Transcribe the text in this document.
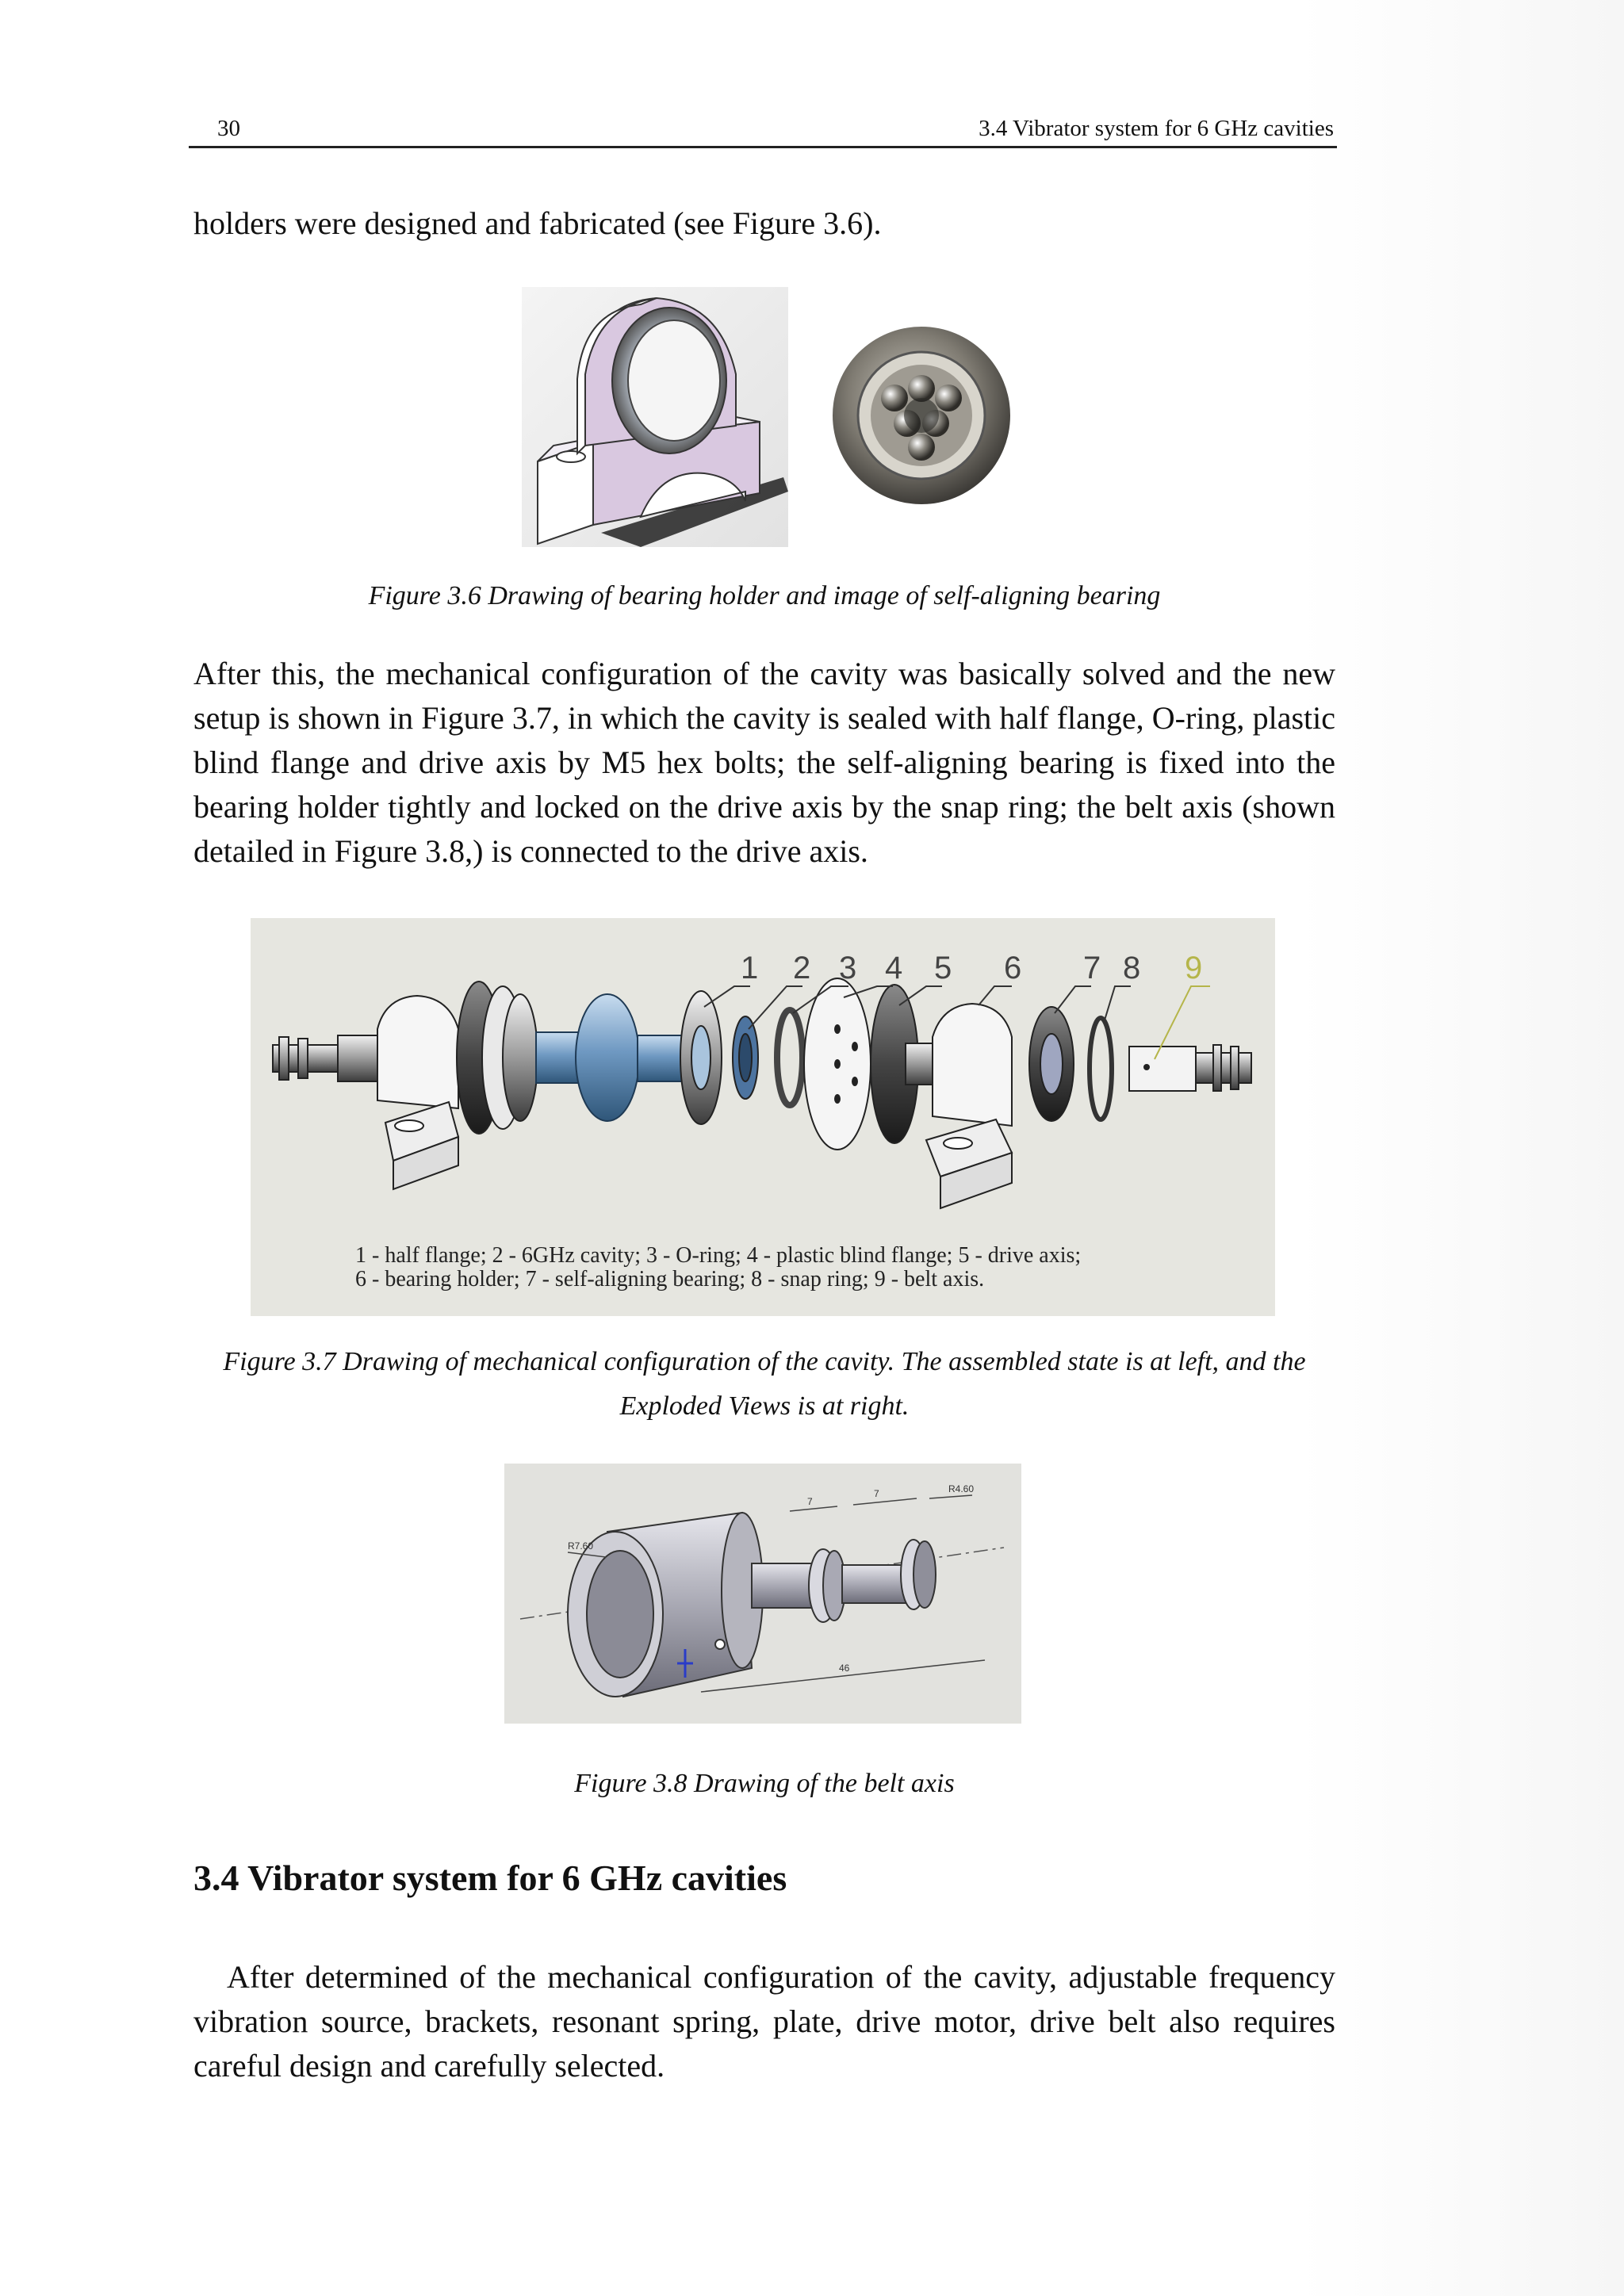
30	3.4 Vibrator system for 6 GHz cavities
holders were designed and fabricated (see Figure 3.6).
Figure 3.6 Drawing of bearing holder and image of self-aligning bearing
After this, the mechanical configuration of the cavity was basically solved and the new setup is shown in Figure 3.7, in which the cavity is sealed with half flange, O-ring, plastic blind flange and drive axis by M5 hex bolts; the self-aligning bearing is fixed into the bearing holder tightly and locked on the drive axis by the snap ring; the belt axis (shown detailed in Figure 3.8,) is connected to the drive axis.
1 2 3 4 5 6 7 8 9
1 - half flange; 2 - 6GHz cavity; 3 - O-ring; 4 - plastic blind flange; 5 - drive axis;
6 - bearing holder; 7 - self-aligning bearing; 8 - snap ring; 9 - belt axis.
Figure 3.7 Drawing of mechanical configuration of the cavity. The assembled state is at left, and the Exploded Views is at right.
R7.60
R4.60
7
7
46
Figure 3.8 Drawing of the belt axis
3.4 Vibrator system for 6 GHz cavities
After determined of the mechanical configuration of the cavity, adjustable frequency vibration source, brackets, resonant spring, plate, drive motor, drive belt also requires careful design and carefully selected.
